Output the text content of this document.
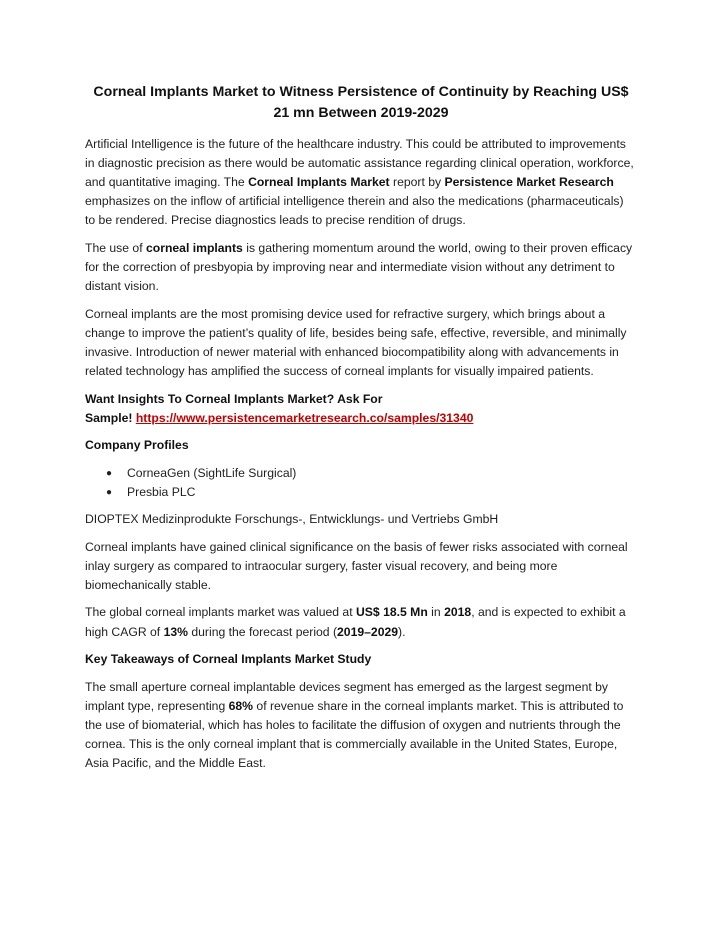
Corneal Implants Market to Witness Persistence of Continuity by Reaching US$
21 mn Between 2019-2029

Artificial Intelligence is the future of the healthcare industry. This could be attributed to improvements in diagnostic precision as there would be automatic assistance regarding clinical operation, workforce, and quantitative imaging. The Corneal Implants Market report by Persistence Market Research emphasizes on the inflow of artificial intelligence therein and also the medications (pharmaceuticals) to be rendered. Precise diagnostics leads to precise rendition of drugs.

The use of corneal implants is gathering momentum around the world, owing to their proven efficacy for the correction of presbyopia by improving near and intermediate vision without any detriment to distant vision.

Corneal implants are the most promising device used for refractive surgery, which brings about a change to improve the patient’s quality of life, besides being safe, effective, reversible, and minimally invasive. Introduction of newer material with enhanced biocompatibility along with advancements in related technology has amplified the success of corneal implants for visually impaired patients.

Want Insights To Corneal Implants Market? Ask For
Sample! https://www.persistencemarketresearch.co/samples/31340

Company Profiles

● CorneaGen (SightLife Surgical)
● Presbia PLC

DIOPTEX Medizinprodukte Forschungs-, Entwicklungs- und Vertriebs GmbH

Corneal implants have gained clinical significance on the basis of fewer risks associated with corneal inlay surgery as compared to intraocular surgery, faster visual recovery, and being more biomechanically stable.

The global corneal implants market was valued at US$ 18.5 Mn in 2018, and is expected to exhibit a high CAGR of 13% during the forecast period (2019–2029).

Key Takeaways of Corneal Implants Market Study

The small aperture corneal implantable devices segment has emerged as the largest segment by implant type, representing 68% of revenue share in the corneal implants market. This is attributed to the use of biomaterial, which has holes to facilitate the diffusion of oxygen and nutrients through the cornea. This is the only corneal implant that is commercially available in the United States, Europe, Asia Pacific, and the Middle East.
